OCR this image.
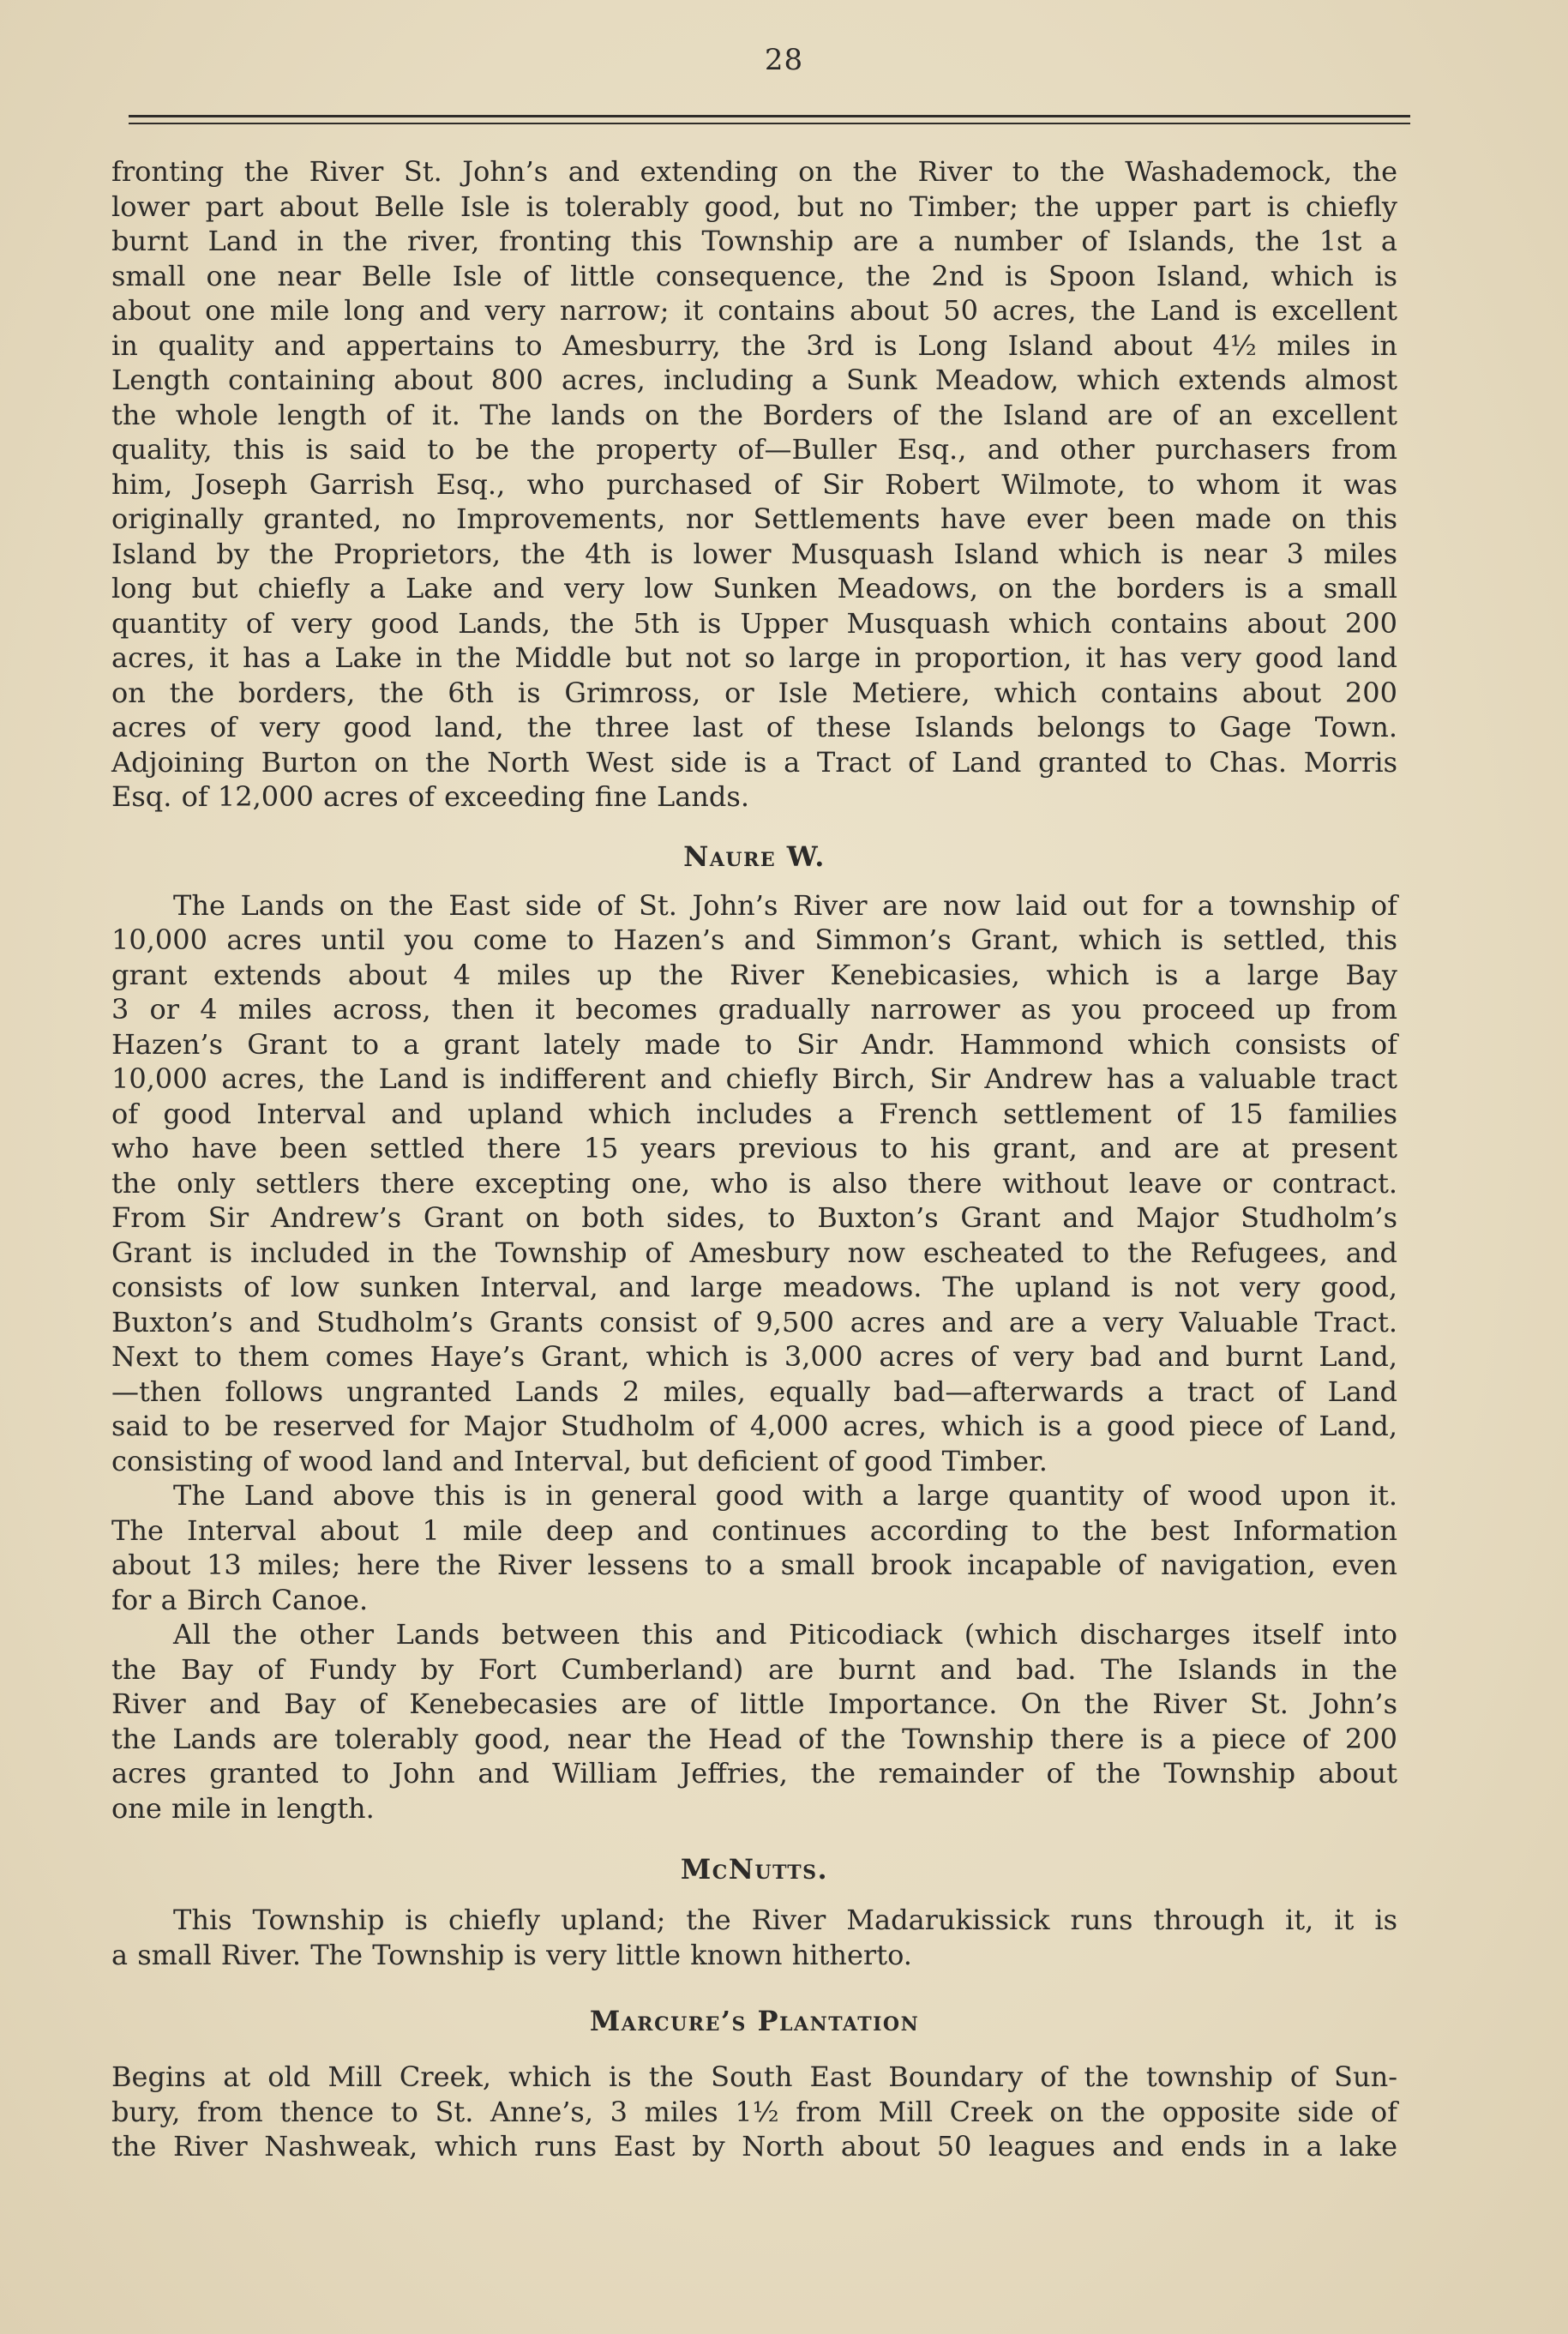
28

fronting the River St. John’s and extending on the River to the Washademock, the
lower part about Belle Isle is tolerably good, but no Timber; the upper part is chiefly
burnt Land in the river, fronting this Township are a number of Islands, the 1st a
small one near Belle Isle of little consequence, the 2nd is Spoon Island, which is
about one mile long and very narrow; it contains about 50 acres, the Land is excellent
in quality and appertains to Amesburry, the 3rd is Long Island about 4½ miles in
Length containing about 800 acres, including a Sunk Meadow, which extends almost
the whole length of it. The lands on the Borders of the Island are of an excellent
quality, this is said to be the property of—Buller Esq., and other purchasers from
him, Joseph Garrish Esq., who purchased of Sir Robert Wilmote, to whom it was
originally granted, no Improvements, nor Settlements have ever been made on this
Island by the Proprietors, the 4th is lower Musquash Island which is near 3 miles
long but chiefly a Lake and very low Sunken Meadows, on the borders is a small
quantity of very good Lands, the 5th is Upper Musquash which contains about 200
acres, it has a Lake in the Middle but not so large in proportion, it has very good land
on the borders, the 6th is Grimross, or Isle Metiere, which contains about 200
acres of very good land, the three last of these Islands belongs to Gage Town.
Adjoining Burton on the North West side is a Tract of Land granted to Chas. Morris
Esq. of 12,000 acres of exceeding fine Lands.

Naure W.

The Lands on the East side of St. John’s River are now laid out for a township of
10,000 acres until you come to Hazen’s and Simmon’s Grant, which is settled, this
grant extends about 4 miles up the River Kenebicasies, which is a large Bay
3 or 4 miles across, then it becomes gradually narrower as you proceed up from
Hazen’s Grant to a grant lately made to Sir Andr. Hammond which consists of
10,000 acres, the Land is indifferent and chiefly Birch, Sir Andrew has a valuable tract
of good Interval and upland which includes a French settlement of 15 families
who have been settled there 15 years previous to his grant, and are at present
the only settlers there excepting one, who is also there without leave or contract.
From Sir Andrew’s Grant on both sides, to Buxton’s Grant and Major Studholm’s
Grant is included in the Township of Amesbury now escheated to the Refugees, and
consists of low sunken Interval, and large meadows. The upland is not very good,
Buxton’s and Studholm’s Grants consist of 9,500 acres and are a very Valuable Tract.
Next to them comes Haye’s Grant, which is 3,000 acres of very bad and burnt Land,
—then follows ungranted Lands 2 miles, equally bad—afterwards a tract of Land
said to be reserved for Major Studholm of 4,000 acres, which is a good piece of Land,
consisting of wood land and Interval, but deficient of good Timber.

The Land above this is in general good with a large quantity of wood upon it.
The Interval about 1 mile deep and continues according to the best Information
about 13 miles; here the River lessens to a small brook incapable of navigation, even
for a Birch Canoe.

All the other Lands between this and Piticodiack (which discharges itself into
the Bay of Fundy by Fort Cumberland) are burnt and bad. The Islands in the
River and Bay of Kenebecasies are of little Importance. On the River St. John’s
the Lands are tolerably good, near the Head of the Township there is a piece of 200
acres granted to John and William Jeffries, the remainder of the Township about
one mile in length.

McNutts.

This Township is chiefly upland; the River Madarukissick runs through it, it is
a small River. The Township is very little known hitherto.

Marcure’s Plantation

Begins at old Mill Creek, which is the South East Boundary of the township of Sun-
bury, from thence to St. Anne’s, 3 miles 1½ from Mill Creek on the opposite side of
the River Nashweak, which runs East by North about 50 leagues and ends in a lake
